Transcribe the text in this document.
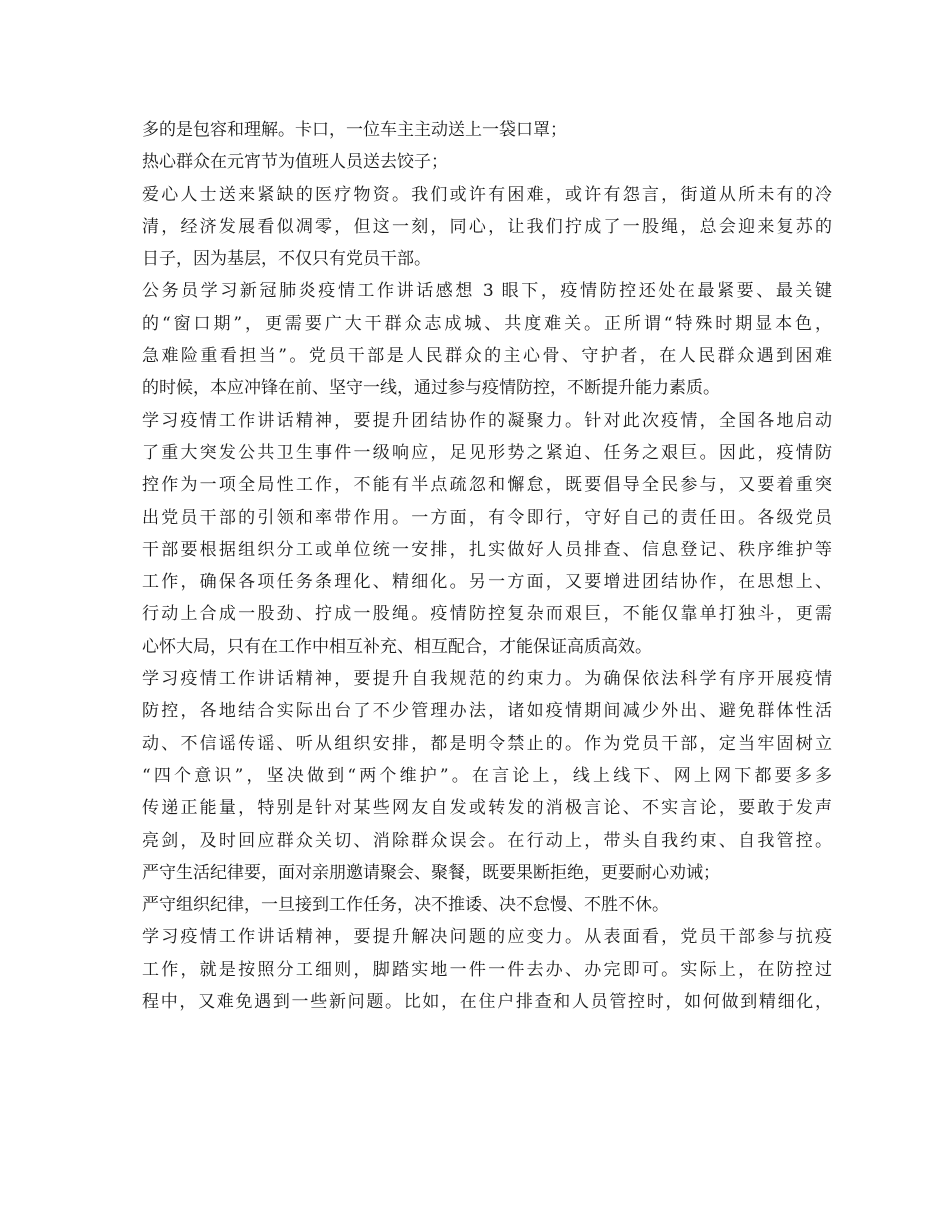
多的是包容和理解。卡口，一位车主主动送上一袋口罩；
热心群众在元宵节为值班人员送去饺子；
爱心人士送来紧缺的医疗物资。我们或许有困难，或许有怨言，街道从所未有的冷
清，经济发展看似凋零，但这一刻，同心，让我们拧成了一股绳，总会迎来复苏的
日子，因为基层，不仅只有党员干部。
公务员学习新冠肺炎疫情工作讲话感想 3 眼下，疫情防控还处在最紧要、最关键
的“窗口期”，更需要广大干群众志成城、共度难关。正所谓“特殊时期显本色，
急难险重看担当”。党员干部是人民群众的主心骨、守护者，在人民群众遇到困难
的时候，本应冲锋在前、坚守一线，通过参与疫情防控，不断提升能力素质。
学习疫情工作讲话精神，要提升团结协作的凝聚力。针对此次疫情，全国各地启动
了重大突发公共卫生事件一级响应，足见形势之紧迫、任务之艰巨。因此，疫情防
控作为一项全局性工作，不能有半点疏忽和懈怠，既要倡导全民参与，又要着重突
出党员干部的引领和率带作用。一方面，有令即行，守好自己的责任田。各级党员
干部要根据组织分工或单位统一安排，扎实做好人员排查、信息登记、秩序维护等
工作，确保各项任务条理化、精细化。另一方面，又要增进团结协作，在思想上、
行动上合成一股劲、拧成一股绳。疫情防控复杂而艰巨，不能仅靠单打独斗，更需
心怀大局，只有在工作中相互补充、相互配合，才能保证高质高效。
学习疫情工作讲话精神，要提升自我规范的约束力。为确保依法科学有序开展疫情
防控，各地结合实际出台了不少管理办法，诸如疫情期间减少外出、避免群体性活
动、不信谣传谣、听从组织安排，都是明令禁止的。作为党员干部，定当牢固树立
“四个意识”，坚决做到“两个维护”。在言论上，线上线下、网上网下都要多多
传递正能量，特别是针对某些网友自发或转发的消极言论、不实言论，要敢于发声
亮剑，及时回应群众关切、消除群众误会。在行动上，带头自我约束、自我管控。
严守生活纪律要，面对亲朋邀请聚会、聚餐，既要果断拒绝，更要耐心劝诫；
严守组织纪律，一旦接到工作任务，决不推诿、决不怠慢、不胜不休。
学习疫情工作讲话精神，要提升解决问题的应变力。从表面看，党员干部参与抗疫
工作，就是按照分工细则，脚踏实地一件一件去办、办完即可。实际上，在防控过
程中，又难免遇到一些新问题。比如，在住户排查和人员管控时，如何做到精细化，
